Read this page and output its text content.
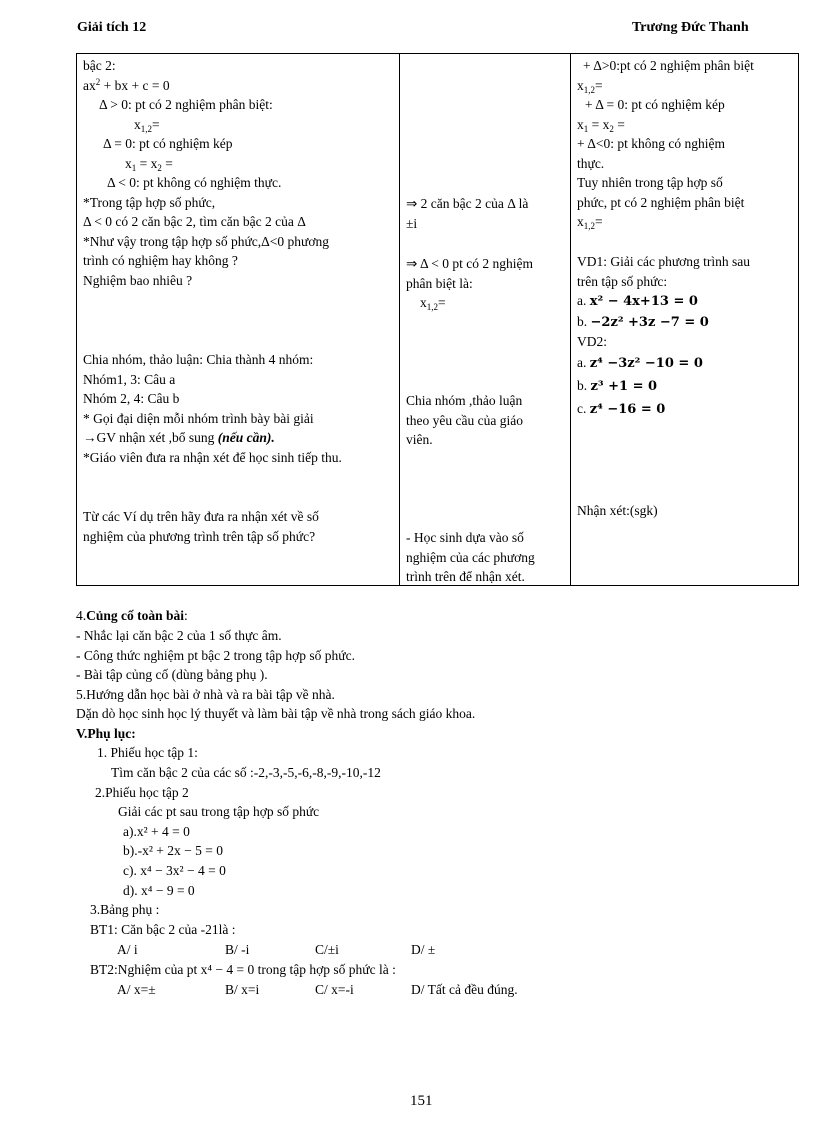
Giải tích 12	Trương Đức Thanh
bậc 2:
$ax^2$ + bx + c = 0
Δ > 0: pt có 2 nghiệm phân biệt:
$x_{1,2}=$
Δ = 0: pt có nghiệm kép
$x_1 = x_2$ =
Δ < 0: pt không có nghiệm thực.
*Trong tập hợp số phức,
Δ < 0 có 2 căn bậc 2, tìm căn bậc 2 của Δ
*Như vậy trong tập hợp số phức,Δ<0 phương
trình có nghiệm hay không ?
Nghiệm bao nhiêu ?
Chia nhóm, thảo luận: Chia thành 4 nhóm:
Nhóm1, 3: Câu a
Nhóm 2, 4: Câu b
* Gọi đại diện mỗi nhóm trình bày bài giải
→GV nhận xét ,bổ sung (nếu cần).
*Giáo viên đưa ra nhận xét để học sinh tiếp thu.
Từ các Ví dụ trên hãy đưa ra nhận xét về số
nghiệm của phương trình trên tập số phức?

⇒ 2 căn bậc 2 của Δ là
±i
⇒ Δ < 0 pt có 2 nghiệm
phân biệt là:
$x_{1,2}=$
Chia nhóm ,thảo luận
theo yêu cầu của giáo
viên.
- Học sinh dựa vào số
nghiệm của các phương
trình trên để nhận xét.

+ Δ>0:pt có 2 nghiệm phân biệt
$x_{1,2}=$
+ Δ = 0: pt có nghiệm kép
$x_1 = x_2$ =
+ Δ<0: pt không có nghiệm
thực.
Tuy nhiên trong tập hợp số
phức, pt có 2 nghiệm phân biệt
$x_{1,2}=$
VD1: Giải các phương trình sau
trên tập số phức:
a. x² − 4x+13 = 0
b. −2z² +3z −7 = 0
VD2:
a. z⁴ −3z² −10 = 0
b. z³ +1 = 0
c. z⁴ −16 = 0
Nhận xét:(sgk)
4.Củng cố toàn bài:
- Nhắc lại căn bậc 2 của 1 số thực âm.
- Công thức nghiệm pt bậc 2 trong tập hợp số phức.
- Bài tập củng cố (dùng bảng phụ ).
5.Hướng dẫn học bài ở nhà và ra bài tập về nhà.
Dặn dò học sinh học lý thuyết và làm bài tập về nhà trong sách giáo khoa.
V.Phụ lục:
1. Phiếu học tập 1:
Tìm căn bậc 2 của các số :-2,-3,-5,-6,-8,-9,-10,-12
2.Phiếu học tập 2
Giải các pt sau trong tập hợp số phức
a).x² + 4 = 0
b).-x² + 2x − 5 = 0
c). x⁴ − 3x² − 4 = 0
d). x⁴ − 9 = 0
3.Bảng phụ :
BT1: Căn bậc 2 của -21là :
A/ i	B/ -i	C/±i	D/ ±
BT2:Nghiệm của pt x⁴ − 4 = 0 trong tập hợp số phức là :
A/ x=±	B/ x=i	C/ x=-i	D/ Tất cả đều đúng.
151
